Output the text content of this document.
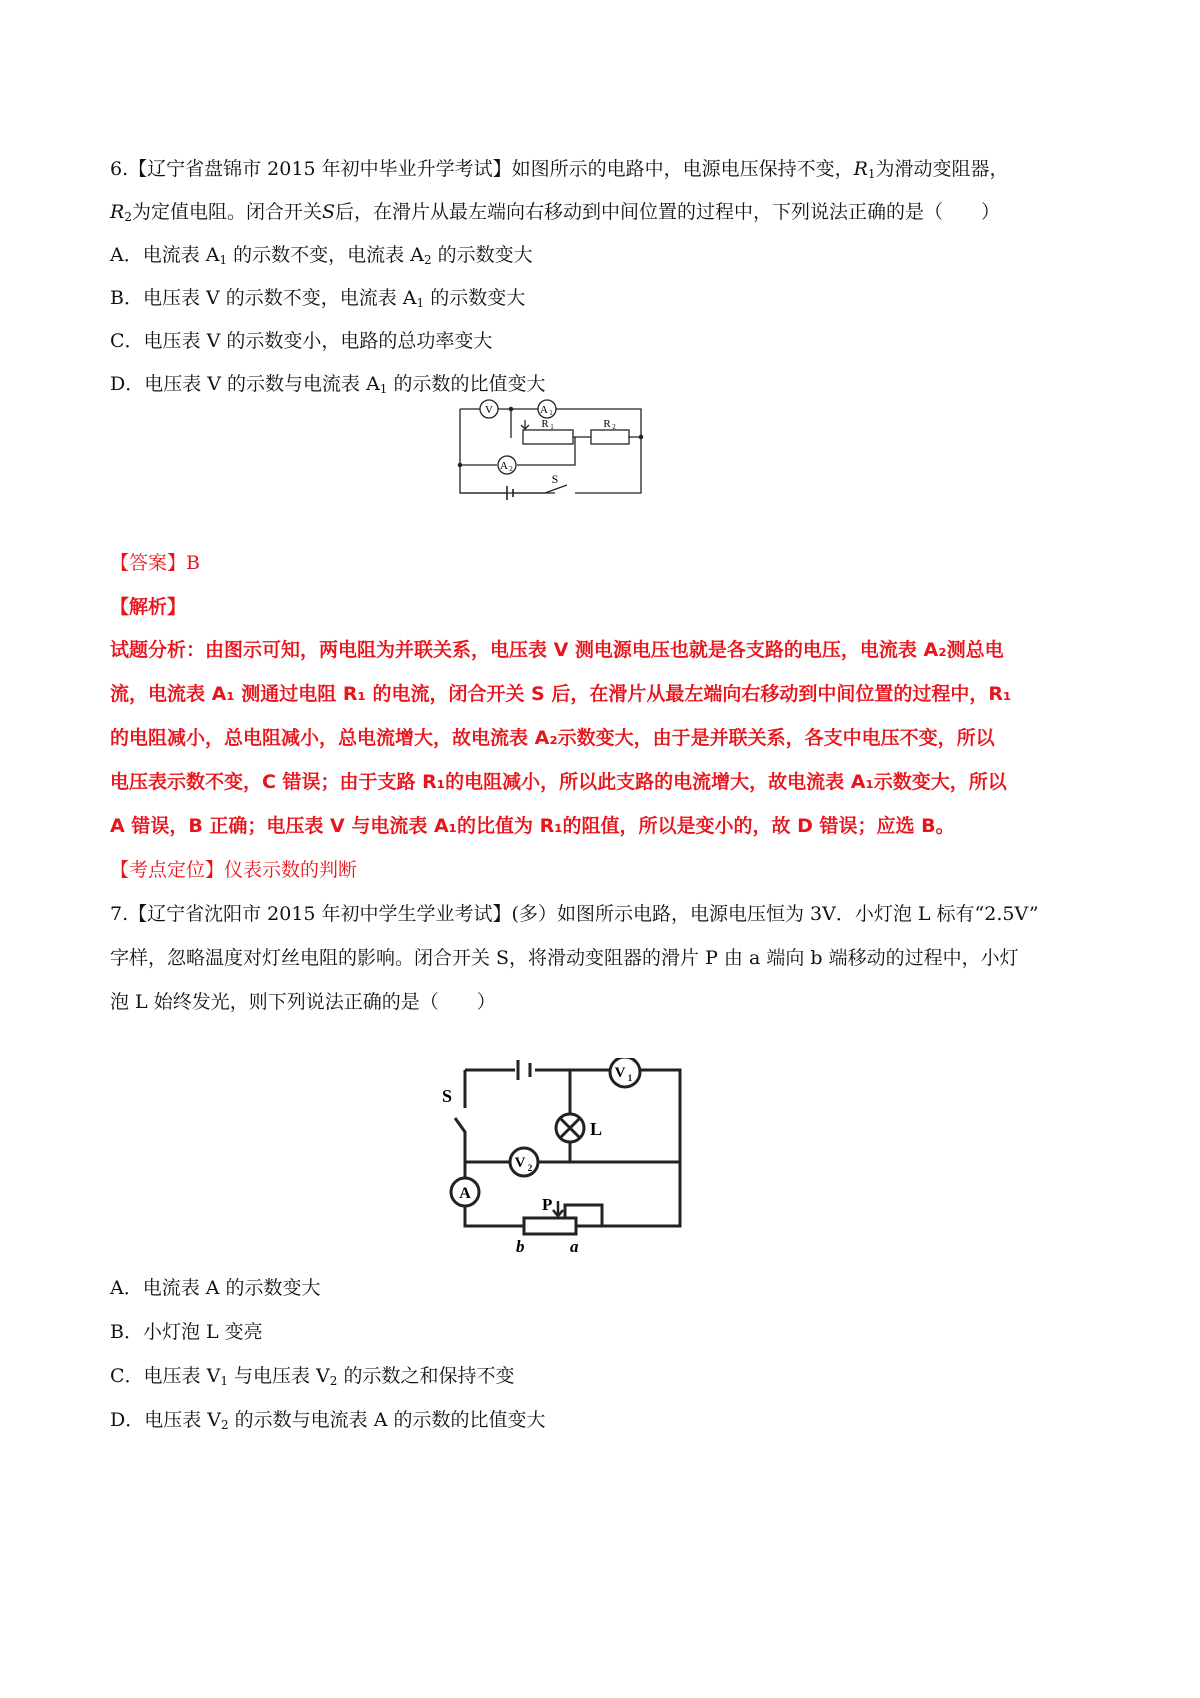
6.【辽宁省盘锦市 2015 年初中毕业升学考试】如图所示的电路中，电源电压保持不变，$R_1$为滑动变阻器，
$R_2$为定值电阻。闭合开关S后，在滑片从最左端向右移动到中间位置的过程中，下列说法正确的是（　　）
A．电流表 $A_1$ 的示数不变，电流表 $A_2$ 的示数变大
B．电压表 V 的示数不变，电流表 $A_1$ 的示数变大
C．电压表 V 的示数变小，电路的总功率变大
D．电压表 V 的示数与电流表 $A_1$ 的示数的比值变大
V	A 1
R 1	R 2
A 2
S
【答案】B
【解析】
试题分析：由图示可知，两电阻为并联关系，电压表 V 测电源电压也就是各支路的电压，电流表 A₂测总电
流，电流表 A₁ 测通过电阻 R₁ 的电流，闭合开关 S 后，在滑片从最左端向右移动到中间位置的过程中，R₁
的电阻减小，总电阻减小，总电流增大，故电流表 A₂示数变大，由于是并联关系，各支中电压不变，所以
电压表示数不变，C 错误；由于支路 R₁的电阻减小，所以此支路的电流增大，故电流表 A₁示数变大，所以
A 错误，B 正确；电压表 V 与电流表 A₁的比值为 R₁的阻值，所以是变小的，故 D 错误；应选 B。
【考点定位】仪表示数的判断
7.【辽宁省沈阳市 2015 年初中学生学业考试】(多）如图所示电路，电源电压恒为 3V．小灯泡 L 标有“2.5V”
字样，忽略温度对灯丝电阻的影响。闭合开关 S，将滑动变阻器的滑片 P 由 a 端向 b 端移动的过程中，小灯
泡 L 始终发光，则下列说法正确的是（　　）
S
V 1
L
V 2
A
P
b	a
A．电流表 A 的示数变大
B．小灯泡 L 变亮
C．电压表 $V_1$ 与电压表 $V_2$ 的示数之和保持不变
D．电压表 $V_2$ 的示数与电流表 A 的示数的比值变大
